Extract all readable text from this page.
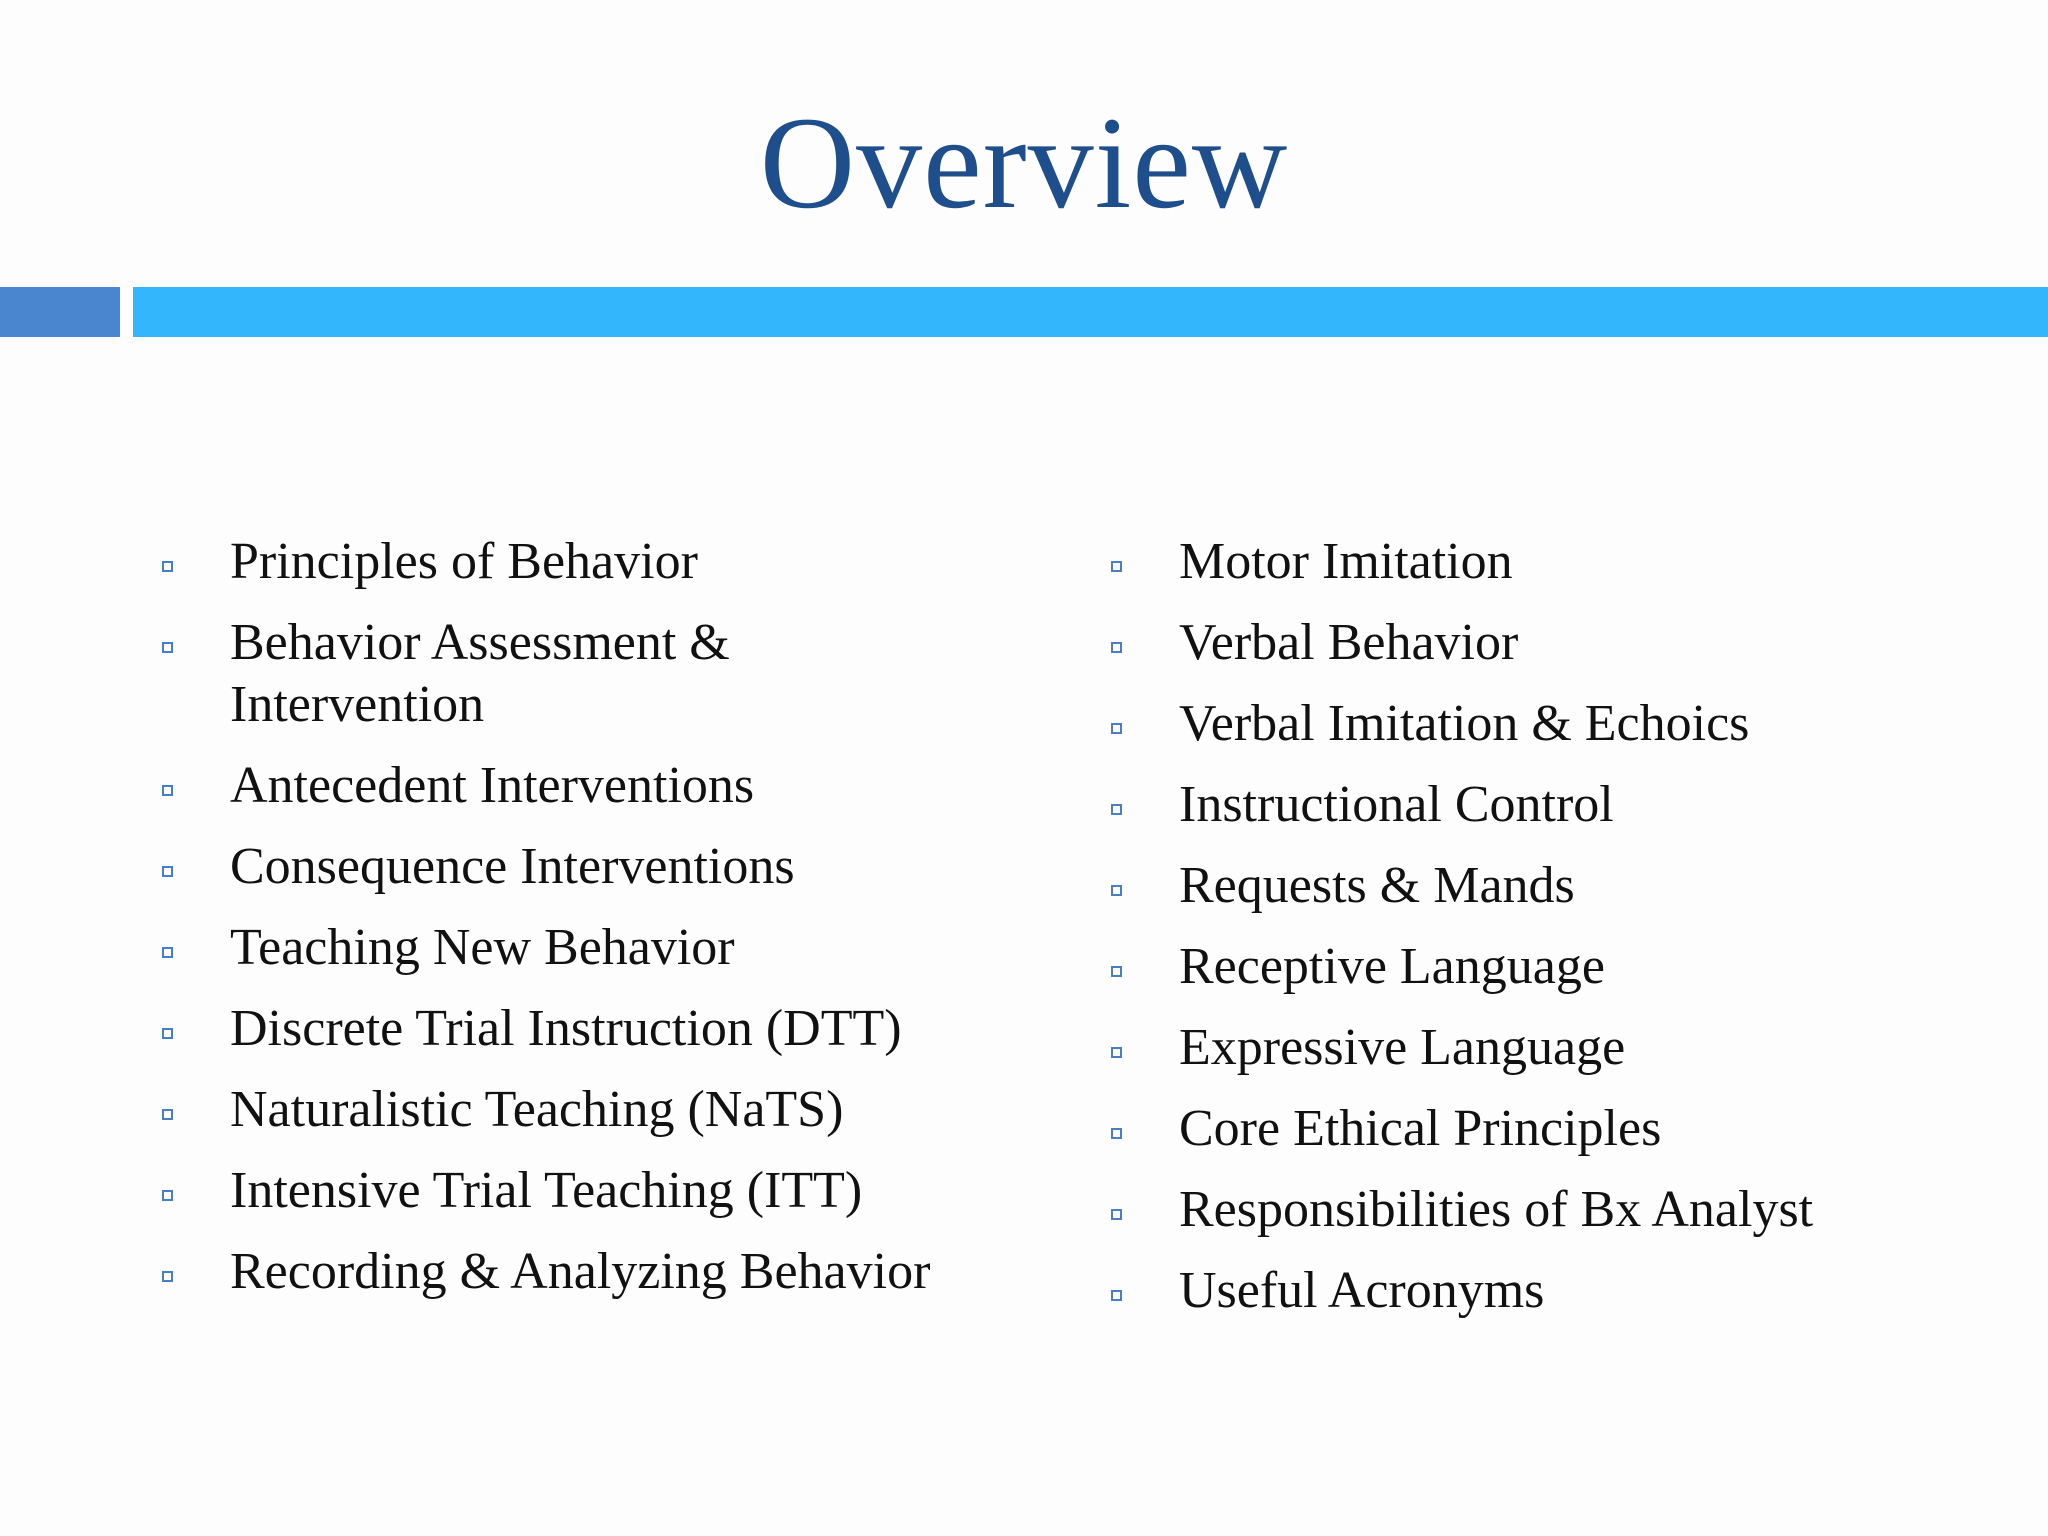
Overview
Principles of Behavior
Behavior Assessment & Intervention
Antecedent Interventions
Consequence Interventions
Teaching New Behavior
Discrete Trial Instruction (DTT)
Naturalistic Teaching (NaTS)
Intensive Trial Teaching (ITT)
Recording & Analyzing Behavior
Motor Imitation
Verbal Behavior
Verbal Imitation & Echoics
Instructional Control
Requests & Mands
Receptive Language
Expressive Language
Core Ethical Principles
Responsibilities of Bx Analyst
Useful Acronyms
